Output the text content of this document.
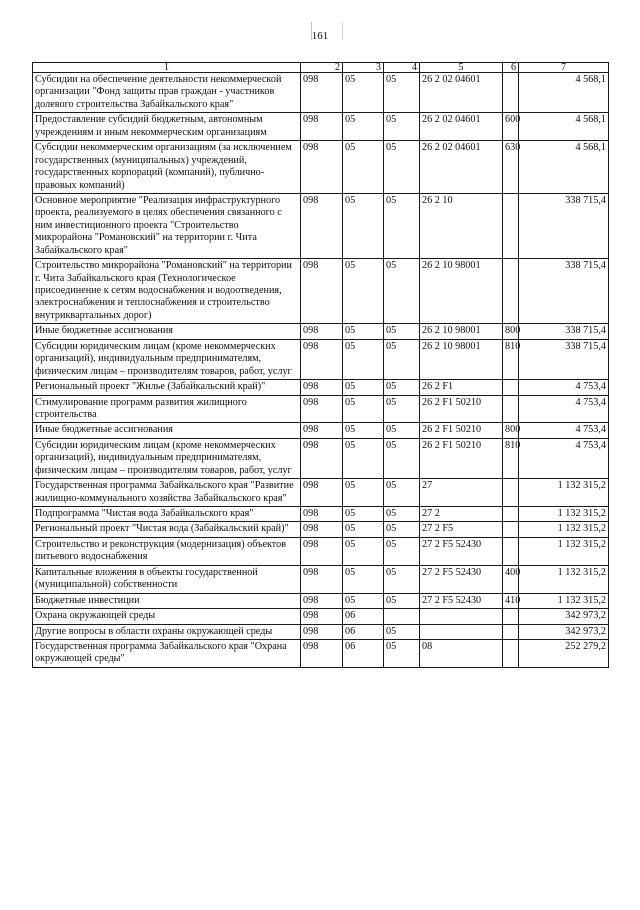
161
1	2	3	4	5	6	7
Субсидии на обеспечение деятельности некоммерческой организации "Фонд защиты прав граждан - участников долевого строительства Забайкальского края"	098	05	05	26 2 02 04601		4 568,1
Предоставление субсидий бюджетным, автономным учреждениям и иным некоммерческим организациям	098	05	05	26 2 02 04601	600	4 568,1
Субсидии некоммерческим организациям (за исключением государственных (муниципальных) учреждений, государственных корпораций (компаний), публично-правовых компаний)	098	05	05	26 2 02 04601	630	4 568,1
Основное мероприятие "Реализация инфраструктурного проекта, реализуемого в целях обеспечения связанного с ним инвестиционного проекта "Строительство микрорайона "Романовский" на территории г. Чита Забайкальского края"	098	05	05	26 2 10		338 715,4
Строительство микрорайона "Романовский" на территории г. Чита Забайкальского края (Технологическое присоединение к сетям водоснабжения и водоотведения, электроснабжения и теплоснабжения и строительство внутриквартальных дорог)	098	05	05	26 2 10 98001		338 715,4
Иные бюджетные ассигнования	098	05	05	26 2 10 98001	800	338 715,4
Субсидии юридическим лицам (кроме некоммерческих организаций), индивидуальным предпринимателям, физическим лицам – производителям товаров, работ, услуг	098	05	05	26 2 10 98001	810	338 715,4
Региональный проект "Жилье (Забайкальский край)"	098	05	05	26 2 F1		4 753,4
Стимулирование программ развития жилищного строительства	098	05	05	26 2 F1 50210		4 753,4
Иные бюджетные ассигнования	098	05	05	26 2 F1 50210	800	4 753,4
Субсидии юридическим лицам (кроме некоммерческих организаций), индивидуальным предпринимателям, физическим лицам – производителям товаров, работ, услуг	098	05	05	26 2 F1 50210	810	4 753,4
Государственная программа Забайкальского края "Развитие жилищно-коммунального хозяйства Забайкальского края"	098	05	05	27		1 132 315,2
Подпрограмма "Чистая вода Забайкальского края"	098	05	05	27 2		1 132 315,2
Региональный проект "Чистая вода (Забайкальский край)"	098	05	05	27 2 F5		1 132 315,2
Строительство и реконструкция (модернизация) объектов питьевого водоснабжения	098	05	05	27 2 F5 52430		1 132 315,2
Капитальные вложения в объекты государственной (муниципальной) собственности	098	05	05	27 2 F5 52430	400	1 132 315,2
Бюджетные инвестиции	098	05	05	27 2 F5 52430	410	1 132 315,2
Охрана окружающей среды	098	06				342 973,2
Другие вопросы в области охраны окружающей среды	098	06	05			342 973,2
Государственная программа Забайкальского края "Охрана окружающей среды"	098	06	05	08		252 279,2
